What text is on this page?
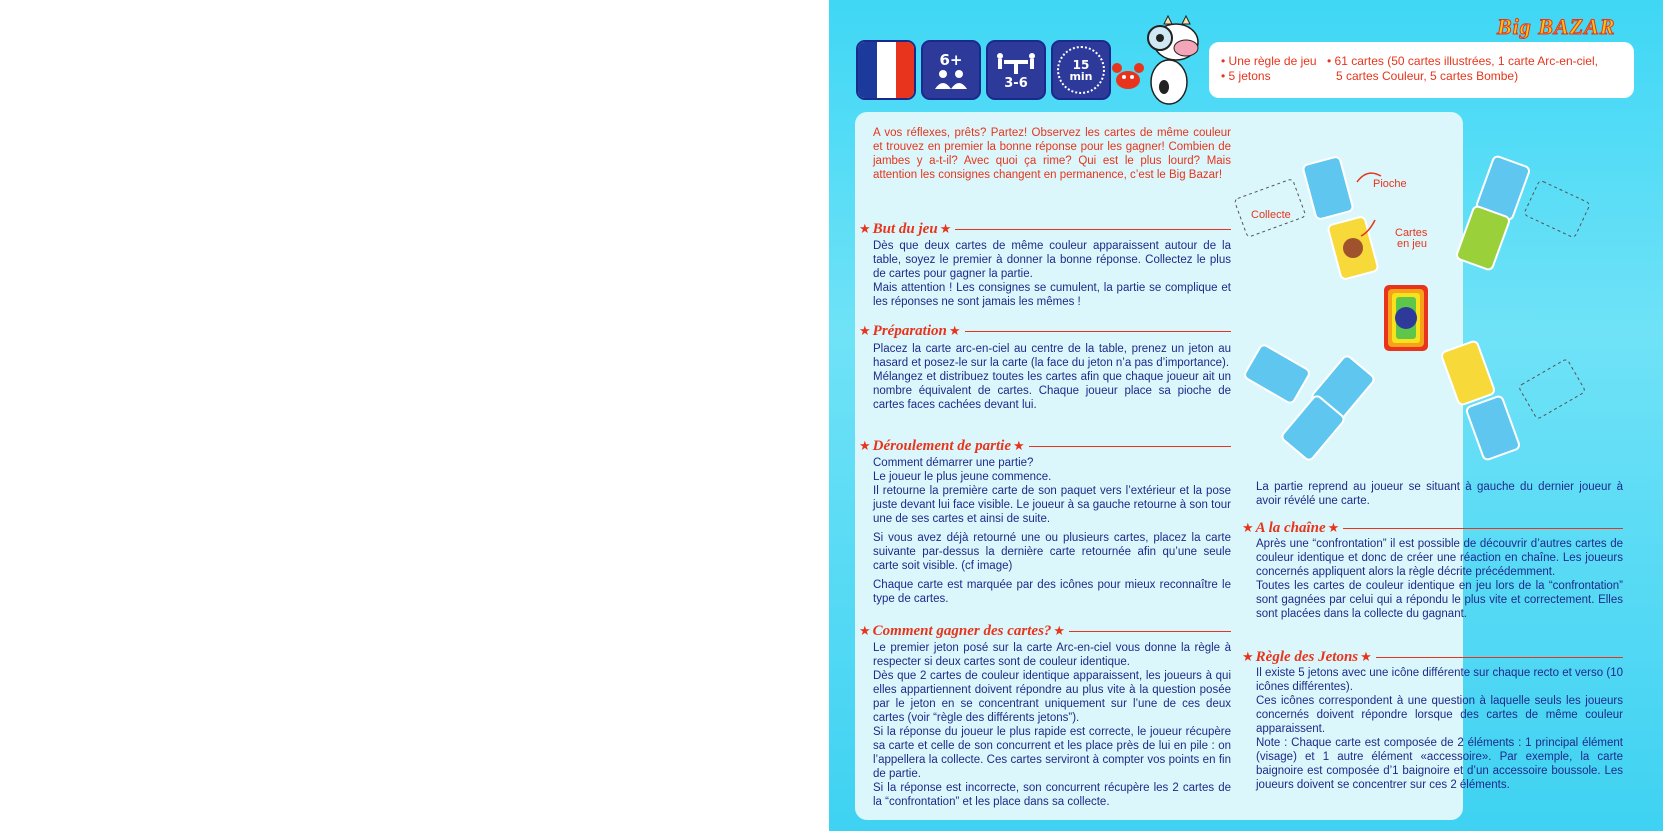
6+
3-6
15
min
Big BAZAR
• Une règle de jeu
• 5 jetons
• 61 cartes (50 cartes illustrées, 1 carte Arc-en-ciel,
5 cartes Couleur, 5 cartes Bombe)
A vos réflexes, prêts? Partez! Observez les cartes de même couleur et trouvez en premier la bonne réponse pour les gagner! Combien de jambes y a-t-il? Avec quoi ça rime? Qui est le plus lourd? Mais attention les consignes changent en permanence, c’est le Big Bazar!
★ But du jeu ★
Dès que deux cartes de même couleur apparaissent autour de la table, soyez le premier à donner la bonne réponse. Collectez le plus de cartes pour gagner la partie.
Mais attention ! Les consignes se cumulent, la partie se complique et les réponses ne sont jamais les mêmes !
★ Préparation ★
Placez la carte arc-en-ciel au centre de la table, prenez un jeton au hasard et posez-le sur la carte (la face du jeton n’a pas d’importance).
Mélangez et distribuez toutes les cartes afin que chaque joueur ait un nombre équivalent de cartes. Chaque joueur place sa pioche de cartes faces cachées devant lui.
★ Déroulement de partie ★
Comment démarrer une partie?
Le joueur le plus jeune commence.
Il retourne la première carte de son paquet vers l’extérieur et la pose juste devant lui face visible. Le joueur à sa gauche retourne à son tour une de ses cartes et ainsi de suite.
Si vous avez déjà retourné une ou plusieurs cartes, placez la carte suivante par-dessus la dernière carte retournée afin qu’une seule carte soit visible. (cf image)
Chaque carte est marquée par des icônes pour mieux reconnaître le type de cartes.
★ Comment gagner des cartes? ★
Le premier jeton posé sur la carte Arc-en-ciel vous donne la règle à respecter si deux cartes sont de couleur identique.
Dès que 2 cartes de couleur identique apparaissent, les joueurs à qui elles appartiennent doivent répondre au plus vite à la question posée par le jeton en se concentrant uniquement sur l’une de ces deux cartes (voir “règle des différents jetons”).
Si la réponse du joueur le plus rapide est correcte, le joueur récupère sa carte et celle de son concurrent et les place près de lui en pile : on l’appellera la collecte. Ces cartes serviront à compter vos points en fin de partie.
Si la réponse est incorrecte, son concurrent récupère les 2 cartes de la “confrontation” et les place dans sa collecte.
Collecte
Pioche
Cartes
en jeu
La partie reprend au joueur se situant à gauche du dernier joueur à avoir révélé une carte.
★ A la chaîne ★
Après une “confrontation” il est possible de découvrir d’autres cartes de couleur identique et donc de créer une réaction en chaîne. Les joueurs concernés appliquent alors la règle décrite précédemment.
Toutes les cartes de couleur identique en jeu lors de la “confrontation” sont gagnées par celui qui a répondu le plus vite et correctement. Elles sont placées dans la collecte du gagnant.
★ Règle des Jetons ★
Il existe 5 jetons avec une icône différente sur chaque recto et verso (10 icônes différentes).
Ces icônes correspondent à une question à laquelle seuls les joueurs concernés doivent répondre lorsque des cartes de même couleur apparaissent.
Note : Chaque carte est composée de 2 éléments : 1 principal élément (visage) et 1 autre élément «accessoire». Par exemple, la carte baignoire est composée d’1 baignoire et d’un accessoire boussole. Les joueurs doivent se concentrer sur ces 2 éléments.
